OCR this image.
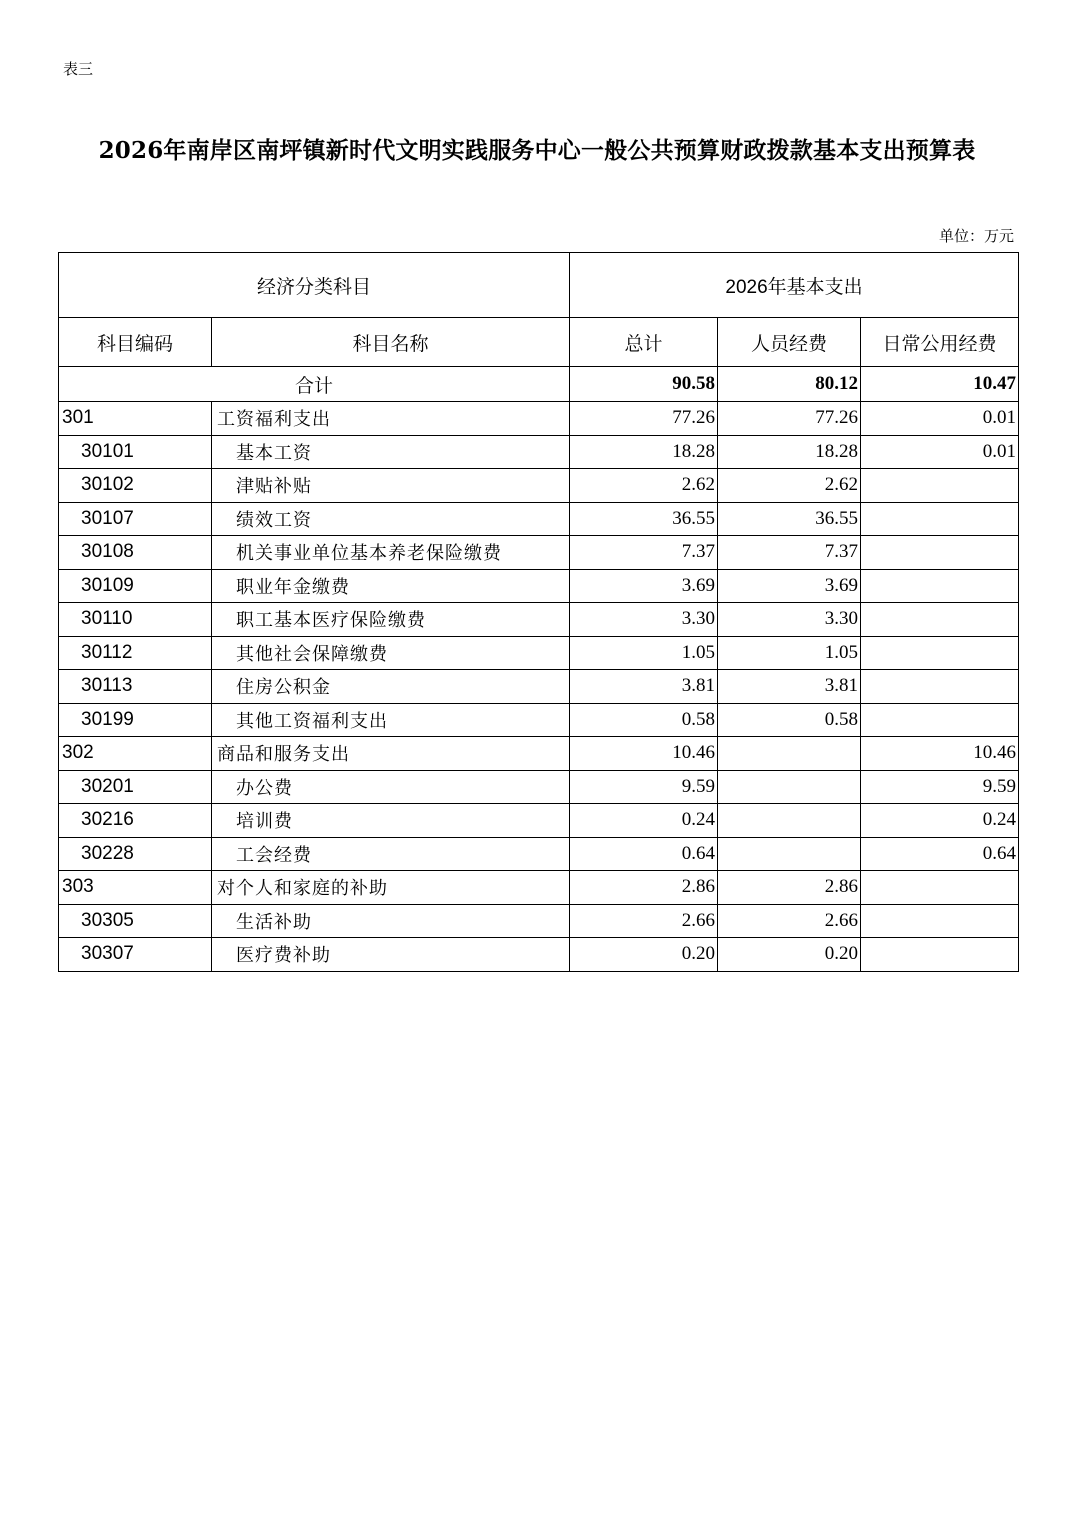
表三
2026年南岸区南坪镇新时代文明实践服务中心一般公共预算财政拨款基本支出预算表
单位：万元
经济分类科目		2026年基本支出		
科目编码	科目名称	总计	人员经费	日常公用经费
合计		90.58	80.12	10.47
301	工资福利支出	77.26	77.26	0.01
30101	基本工资	18.28	18.28	0.01
30102	津贴补贴	2.62	2.62	
30107	绩效工资	36.55	36.55	
30108	机关事业单位基本养老保险缴费	7.37	7.37	
30109	职业年金缴费	3.69	3.69	
30110	职工基本医疗保险缴费	3.30	3.30	
30112	其他社会保障缴费	1.05	1.05	
30113	住房公积金	3.81	3.81	
30199	其他工资福利支出	0.58	0.58	
302	商品和服务支出	10.46		10.46
30201	办公费	9.59		9.59
30216	培训费	0.24		0.24
30228	工会经费	0.64		0.64
303	对个人和家庭的补助	2.86	2.86	
30305	生活补助	2.66	2.66	
30307	医疗费补助	0.20	0.20	
